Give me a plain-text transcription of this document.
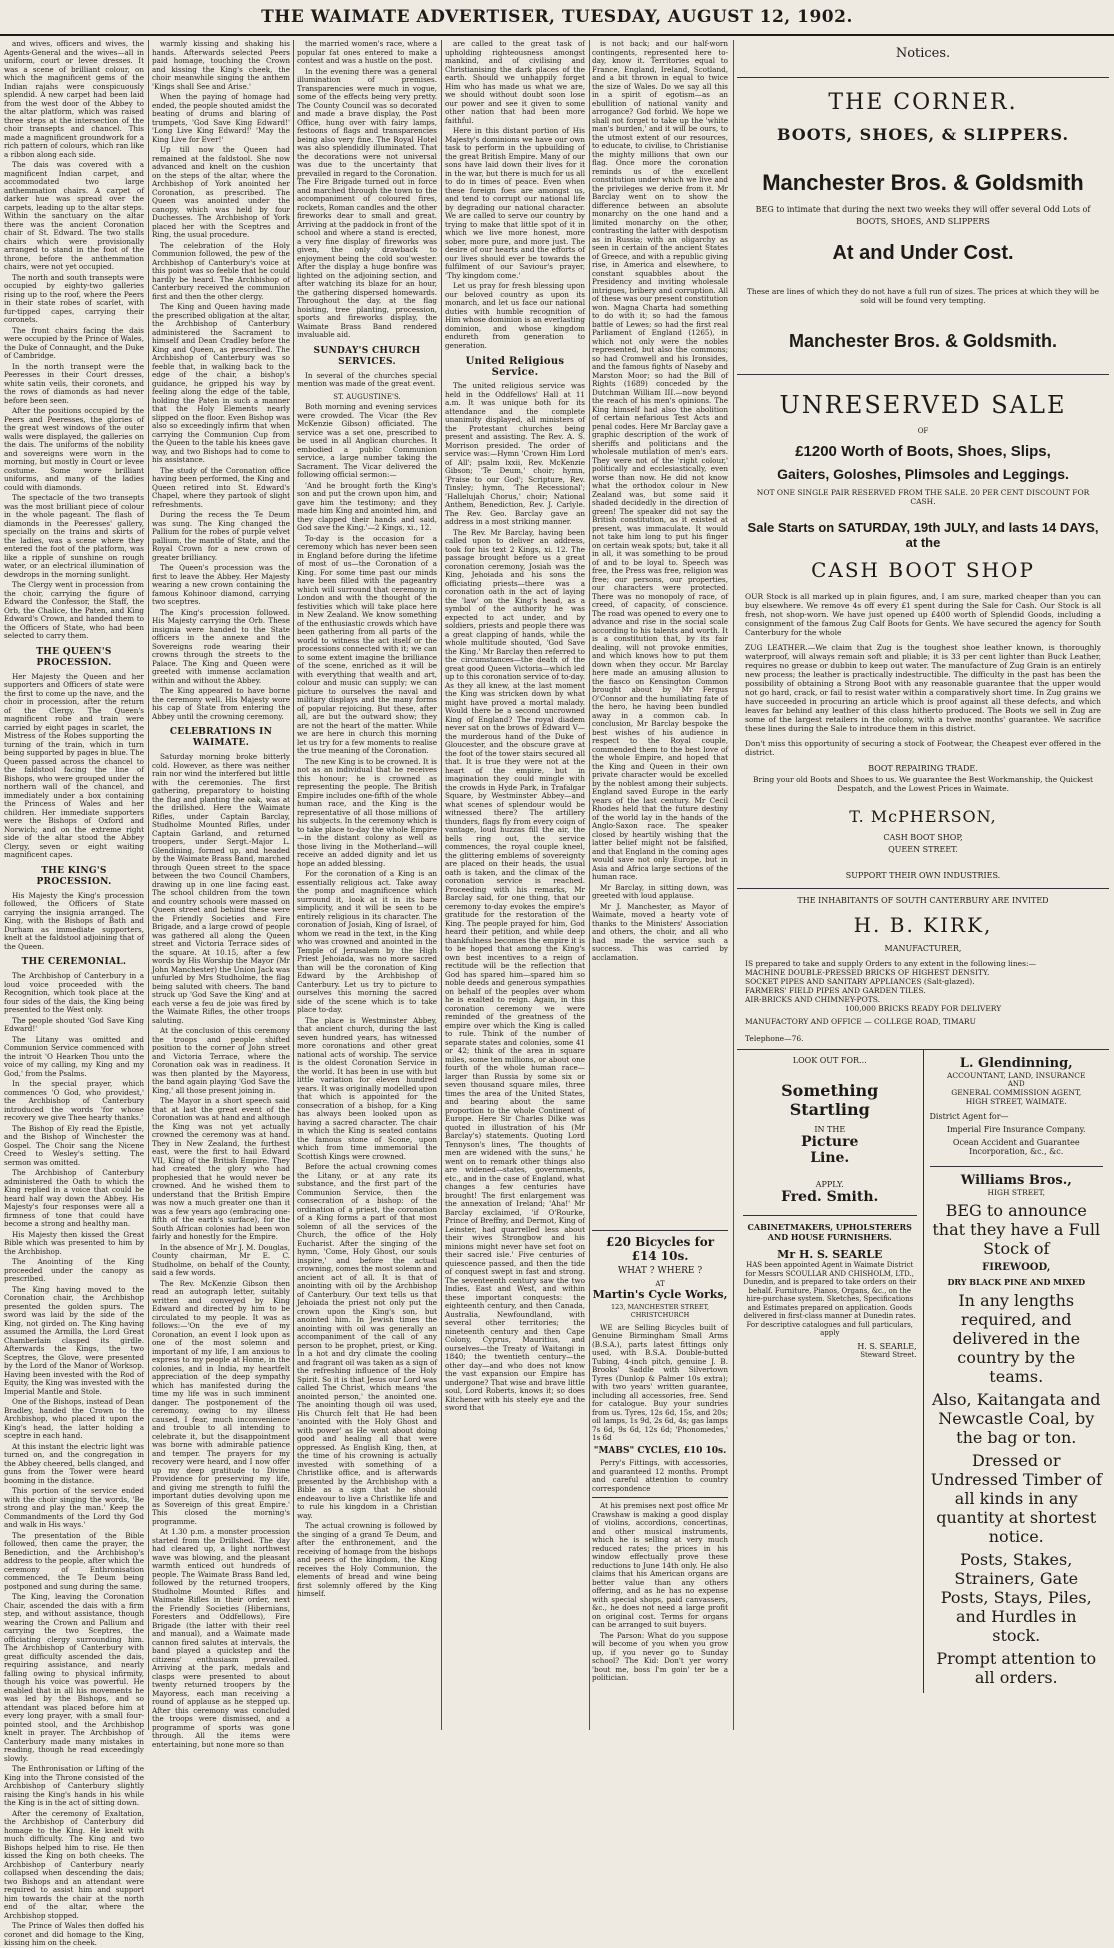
THE WAIMATE ADVERTISER, TUESDAY, AUGUST 12, 1902.

and wives, officers and wives, the Agents-General and the wives—all in uniform, court or levee dresses. It was a scene of brilliant colour, on which the magnificent gems of the Indian rajahs were conspicuously splendid. A new carpet had been laid from the west door of the Abbey to the altar platform, which was raised three steps at the intersection of the choir transepts and chancel. This made a magnificent groundwork for a rich pattern of colours, which ran like a ribbon along each side.

The dais was covered with a magnificent Indian carpet, and accommodated two large anthemmation chairs. A carpet of darker hue was spread over the carpets, leading up to the altar steps. Within the sanctuary on the altar there was the ancient Coronation chair of St. Edward. The two stalls chairs which were provisionally arranged to stand in the foot of the throne, before the anthemmation chairs, were not yet occupied.

The north and south transepts were occupied by eighty-two galleries rising up to the roof, where the Peers in their state robes of scarlet, with fur-tipped capes, carrying their coronets.

The front chairs facing the dais were occupied by the Prince of Wales, the Duke of Connaught, and the Duke of Cambridge.

In the north transept were the Peeresses in their Court dresses, white satin veils, their coronets, and the rows of diamonds as had never before been seen.

After the positions occupied by the Peers and Peeresses, the glories of the great west windows of the outer walls were displayed, the galleries on the dais. The uniforms of the nobility and sovereigns were worn in the morning, but mostly in Court or levee costume. Some wore brilliant uniforms, and many of the ladies could with diamonds.

The spectacle of the two transepts was the most brilliant piece of colour in the whole pageant. The flash of diamonds in the Peeresses' gallery, specially on the trains and skirts of the ladies, was a scene where they entered the foot of the platform, was like a ripple of sunshine on rough water, or an electrical illumination of dewdrops in the morning sunlight.

The Clergy went in procession from the choir, carrying the figure of Edward the Confessor, the Staff, the Orb, the Chalice, the Paten, and King Edward's Crown, and handed them to the Officers of State, who had been selected to carry them.

THE QUEEN'S PROCESSION.

Her Majesty the Queen and her supporters and Officers of state were the first to come up the nave, and the choir in procession, after the return of the Clergy. The Queen's magnificent robe and train were carried by eight pages in scarlet, the Mistress of the Robes supporting the turning of the train, which in turn being supported by pages in blue. The Queen passed across the chancel to the faldstool facing the line of Bishops, who were grouped under the northern wall of the chancel, and immediately under a box containing the Princess of Wales and her children. Her immediate supporters were the Bishops of Oxford and Norwich; and on the extreme right side of the altar stood the Abbey Clergy, seven or eight waiting magnificent capes.

THE KING'S PROCESSION.

His Majesty the King's procession followed, the Officers of State carrying the insignia arranged. The King, with the Bishops of Bath and Durham as immediate supporters, knelt at the faldstool adjoining that of the Queen.

THE CEREMONIAL.

The Archbishop of Canterbury in a loud voice proceeded with the Recognition, which took place at the four sides of the dais, the King being presented to the West only.

The people shouted 'God Save King Edward!'

The Litany was omitted and Communion Service commenced with the introit 'O Hearken Thou unto the voice of my calling, my King and my God,' from the Psalms.

In the special prayer, which commences 'O God, who providest,' the Archbishop of Canterbury introduced the words 'for whose recovery we give Thee hearty thanks.'

The Bishop of Ely read the Epistle, and the Bishop of Winchester the Gospel. The Choir sang the Nicene Creed to Wesley's setting. The sermon was omitted.

The Archbishop of Canterbury administered the Oath to which the King replied in a voice that could be heard half way down the Abbey. His Majesty's four responses were all a firmness of tone that could have become a strong and healthy man.

His Majesty then kissed the Great Bible which was presented to him by the Archbishop.

The Anointing of the King proceeded under the canopy as prescribed.

The King having moved to the Coronation chair, the Archbishop presented the golden spurs. The sword was laid by the side of the King, not girded on. The King having assumed the Armilla, the Lord Great Chamberlain clasped its girdle. Afterwards the Kings, the two Sceptres, the Glove, were presented by the Lord of the Manor of Worksop. Having been invested with the Rod of Equity, the King was invested with the Imperial Mantle and Stole.

One of the Bishops, instead of Dean Bradley, handed the Crown to the Archbishop, who placed it upon the King's head, the latter holding a sceptre in each hand.

At this instant the electric light was turned on, and the congregation in the Abbey cheered, bells clanged, and guns from the Tower were heard booming in the distance.

This portion of the service ended with the choir singing the words, 'Be strong and play the man.' Keep the Commandments of the Lord thy God and walk in His ways.'

The presentation of the Bible followed, then came the prayer, the Benediction, and the Archbishop's address to the people, after which the ceremony of Enthronisation commenced, the Te Deum being postponed and sung during the same.

The King, leaving the Coronation Chair, ascended the dais with a firm step, and without assistance, though wearing the Crown and Pallium and carrying the two Sceptres, the officiating clergy surrounding him. The Archbishop of Canterbury with great difficulty ascended the dais, requiring assistance, and nearly falling owing to physical infirmity, though his voice was powerful. He enabled that in all his movements he was led by the Bishops, and so attendant was placed before him at every long prayer, with a small four-pointed stool, and the Archbishop knelt in prayer. The Archbishop of Canterbury made many mistakes in reading, though he read exceedingly slowly.

The Enthronisation or Lifting of the King into the Throne consisted of the Archbishop of Canterbury slightly raising the King's hands in his while the King is in the act of sitting down.

After the ceremony of Exaltation, the Archbishop of Canterbury did homage to the King. He knelt with much difficulty. The King and two Bishops helped him to rise. He then kissed the King on both cheeks. The Archbishop of Canterbury nearly collapsed when descending the dais; two Bishops and an attendant were required to assist him and support him towards the chair at the north end of the altar, where the Archbishop stopped.

The Prince of Wales then doffed his coronet and did homage to the King, kissing him on the cheek.

warmly kissing and shaking his hands. Afterwards selected Peers paid homage, touching the Crown and kissing the King's cheek, the choir meanwhile singing the anthem 'Kings shall See and Arise.'

When the paying of homage had ended, the people shouted amidst the beating of drums and blaring of trumpets, 'God Save King Edward!' 'Long Live King Edward!' 'May the King Live for Ever!'

Up till now the Queen had remained at the faldstool. She now advanced and knelt on the cushion on the steps of the altar, where the Archbishop of York anointed her Coronation, as prescribed. The Queen was anointed under the canopy, which was held by four Duchesses. The Archbishop of York placed her with the Sceptres and Ring, the usual procedure.

The celebration of the Holy Communion followed, the pew of the Archbishop of Canterbury's voice at this point was so feeble that he could hardly be heard. The Archbishop of Canterbury received the communion first and then the other clergy.

The King and Queen having made the prescribed obligation at the altar, the Archbishop of Canterbury administered the Sacrament to himself and Dean Cradley before the King and Queen, as prescribed. The Archbishop of Canterbury was so feeble that, in walking back to the edge of the chair, a bishop's guidance, he gripped his way by feeling along the edge of the table, holding the Paten in such a manner that the Holy Elements nearly slipped on the floor. Even Bishop was also so exceedingly infirm that when carrying the Communion Cup from the Queen to the table his knees gave way, and two Bishops had to come to his assistance.

The study of the Coronation office having been performed, the King and Queen retired into St. Edward's Chapel, where they partook of slight refreshments.

During the recess the Te Deum was sung. The King changed the Pallium for the robes of purple velvet pallium, the mantle of State, and the Royal Crown for a new crown of greater brilliancy.

The Queen's procession was the first to leave the Abbey. Her Majesty wearing a new crown containing the famous Kohinoor diamond, carrying two sceptres.

The King's procession followed. His Majesty carrying the Orb. These insignia were handed to the State officers in the annexe and the Sovereigns rode wearing their crowns through the streets to the Palace. The King and Queen were greeted with immense acclamation within and without the Abbey.

The King appeared to have borne the ceremony well. His Majesty wore his cap of State from entering the Abbey until the crowning ceremony.

CELEBRATIONS IN WAIMATE.

Saturday morning broke bitterly cold. However, as there was neither rain nor wind the interfered but little with the ceremonies. The first gathering, preparatory to hoisting the flag and planting the oak, was at the drillshed. Here the Waimate Rifles, under Captain Barclay, Studholme Mounted Rifles, under Captain Garland, and returned troopers, under Sergt.-Major L. Glendining, formed up, and headed by the Waimate Brass Band, marched through Queen street to the space between the two Council Chambers, drawing up in one line facing east. The school children from the town and country schools were massed on Queen street and behind these were the Friendly Societies and Fire Brigade, and a large crowd of people was gathered all along the Queen street and Victoria Terrace sides of the square. At 10.15, after a few words by His Worship the Mayor (Mr John Manchester) the Union Jack was unfurled by Mrs Studholme, the flag being saluted with cheers. The band struck up 'God Save the King' and at each verse a feu de joie was fired by the Waimate Rifles, the other troops saluting.

At the conclusion of this ceremony the troops and people shifted position to the corner of John street and Victoria Terrace, where the Coronation oak was in readiness. It was then planted by the Mayoress, the band again playing 'God Save the King,' all those present joining in.

The Mayor in a short speech said that at last the great event of the Coronation was at hand and although the King was not yet actually crowned the ceremony was at hand. They in New Zealand, the furthest east, were the first to hail Edward VII, King of the British Empire. They had created the glory who had prophesied that he would never be crowned. And he wished them to understand that the British Empire was now a much greater one than it was a few years ago (embracing one-fifth of the earth's surface), for the South African colonies had been won fairly and honestly for the Empire.

In the absence of Mr J. M. Douglas, County chairman, Mr E. C. Studholme, on behalf of the County, said a few words.

The Rev. McKenzie Gibson then read an autograph letter, suitably written and conveyed by King Edward and directed by him to be circulated to my people. It was as follows:—'On the eve of my Coronation, an event I look upon as one of the most solemn and important of my life, I am anxious to express to my people at Home, in the colonies, and in India, my heartfelt appreciation of the deep sympathy which has manifested during the time my life was in such imminent danger. The postponement of the ceremony, owing to my illness caused, I fear, much inconvenience and trouble to all intending to celebrate it, but the disappointment was borne with admirable patience and temper. The prayers for my recovery were heard, and I now offer up my deep gratitude to Divine Providence for preserving my life, and giving me strength to fulfil the important duties devolving upon me as Sovereign of this great Empire.' This closed the morning's programme.

At 1.30 p.m. a monster procession started from the Drillshed. The day had cleared up, a light northwest wave was blowing, and the pleasant warmth enticed out hundreds of people. The Waimate Brass Band led, followed by the returned troopers, Studholme Mounted Rifles and Waimate Rifles in their order, next the Friendly Societies (Hibernians, Foresters and Oddfellows), Fire Brigade (the latter with their reel and manual), and a Waimate made cannon fired salutes at intervals, the band played a quickstep and the citizens' enthusiasm prevailed. Arriving at the park, medals and clasps were presented to about twenty returned troopers by the Mayoress, each man receiving a round of applause as he stepped up. After this ceremony was concluded the troops were dismissed, and a programme of sports was gone through. All the items were entertaining, but none more so than

the married women's race, where a popular fat ones entered to make a contest and was a hustle on the post.

In the evening there was a general illumination of premises. Transparencies were much in vogue, some of the effects being very pretty. The County Council was so decorated and made a brave display, the Post Office, hung over with fairy lamps, festoons of flags and transparencies being also very fine. The Royal Hotel was also splendidly illuminated. That the decorations were not universal was due to the uncertainty that prevailed in regard to the Coronation. The Fire Brigade turned out in force and marched through the town to the accompaniment of coloured fires, rockets, Roman candles and the other fireworks dear to small and great. Arriving at the paddock in front of the school and where a stand is erected, a very fine display of fireworks was given, the only drawback to enjoyment being the cold sou'wester. After the display a huge bonfire was lighted on the adjoining section, and after watching its blaze for an hour, the gathering dispersed homewards. Throughout the day, at the flag hoisting, tree planting, procession, sports and fireworks display, the Waimate Brass Band rendered invaluable aid.

SUNDAY'S CHURCH SERVICES.

In several of the churches special mention was made of the great event.

ST. AUGUSTINE'S.

Both morning and evening services were crowded. The Vicar (the Rev McKenzie Gibson) officiated. The service was a set one, prescribed to be used in all Anglican churches. It embodied a public Communion service, a large number taking the Sacrament. The Vicar delivered the following official sermon:—

'And he brought forth the King's son and put the crown upon him, and gave him the testimony; and they made him King and anointed him, and they clapped their hands and said, God save the King.'—2 Kings, xi., 12.

To-day is the occasion for a ceremony which has never been seen in England before during the lifetime of most of us—the Coronation of a King. For some time past our minds have been filled with the pageantry which will surround that ceremony in London and with the thought of the festivities which will take place here in New Zealand. We know something of the enthusiastic crowds which have been gathering from all parts of the world to witness the act itself or the processions connected with it; we can to some extent imagine the brilliance of the scene, enriched as it will be with everything that wealth and art, colour and music can supply; we can picture to ourselves the naval and military displays and the many forms of popular rejoicing. But these, after all, are but the outward show; they are not the heart of the matter. While we are here in church this morning let us try for a few moments to realise the true meaning of the Coronation.

The new King is to be crowned. It is not as an individual that he receives this honour; he is crowned as representing the people. The British Empire includes one-fifth of the whole human race, and the King is the representative of all those millions of his subjects. In the ceremony which is to take place to-day the whole Empire—in the distant colony as well as those living in the Motherland—will receive an added dignity and let us hope an added blessing.

For the coronation of a King is an essentially religious act. Take away the pomp and magnificence which surround it, look at it in its bare simplicity, and it will be seen to be entirely religious in its character. The coronation of Josiah, King of Israel, of whom we read in the text, in the King who was crowned and anointed in the Temple of Jerusalem by the High Priest Jehoiada, was no more sacred than will be the coronation of King Edward by the Archbishop of Canterbury. Let us try to picture to ourselves this morning the sacred side of the scene which is to take place to-day.

The place is Westminster Abbey, that ancient church, during the last seven hundred years, has witnessed more coronations and other great national acts of worship. The service is the oldest Coronation Service in the world. It has been in use with but little variation for eleven hundred years. It was originally modelled upon that which is appointed for the consecration of a bishop, for a King has always been looked upon as having a sacred character. The chair in which the King is seated contains the famous stone of Scone, upon which from time immemorial the Scottish Kings were crowned.

Before the actual crowning comes the Litany, or at any rate its substance, and the first part of the Communion Service, then the consecration of a bishop: of the ordination of a priest, the coronation of a King forms a part of that most solemn of all the services of the Church, the office of the Holy Eucharist. After the singing of the hymn, 'Come, Holy Ghost, our souls inspire,' and before the actual crowning, comes the most solemn and ancient act of all. It is that of anointing with oil by the Archbishop of Canterbury. Our text tells us that Jehoiada the priest not only put the crown upon the King's son, but anointed him. In Jewish times the anointing with oil was generally an accompaniment of the call of any person to be prophet, priest, or King. In a hot and dry climate the cooling and fragrant oil was taken as a sign of the refreshing influence of the Holy Spirit. So it is that Jesus our Lord was called The Christ, which means 'the anointed person,' the anointed one. The anointing though oil was used, His Church felt that He had been 'anointed with the Holy Ghost and with power' as He went about doing good and healing all that were oppressed. As English King, then, at the time of his crowning is actually invested with something of a Christlike office, and is afterwards presented by the Archbishop with a Bible as a sign that he should endeavour to live a Christlike life and to rule his kingdom in a Christian way.

The actual crowning is followed by the singing of a grand Te Deum, and after the enthronement, and the receiving of homage from the bishops and peers of the kingdom, the King receives the Holy Communion, the elements of bread and wine being first solemnly offered by the King himself.

are called to the great task of upholding righteousness amongst mankind, and of civilising and Christianising the dark places of the earth. Should we unhappily forget Him who has made us what we are, we should without doubt soon lose our power and see it given to some other nation that had been more faithful.

Here in this distant portion of His Majesty's dominions we have our own task to perform in the upbuilding of the great British Empire. Many of our sons have laid down their lives for it in the war, but there is much for us all to do in times of peace. Even when these foreign foes are amongst us, and tend to corrupt our national life by degrading our national character. We are called to serve our country by trying to make that little spot of it in which we live more honest, more sober, more pure, and more just. The desire of our hearts and the efforts of our lives should ever be towards the fulfilment of our Saviour's prayer, 'Thy kingdom come.'

Let us pray for fresh blessing upon our beloved country as upon its monarch, and let us face our national duties with humble recognition of Him whose dominion is an everlasting dominion, and whose kingdom endureth from generation to generation.

United Religious Service.

The united religious service was held in the Oddfellows' Hall at 11 a.m. It was unique both for its attendance and the complete unanimity displayed, all ministers of the Protestant churches being present and assisting. The Rev. A. S. Morrison presided. The order of service was:—Hymn 'Crown Him Lord of All'; psalm lxxii, Rev. McKenzie Gibson; 'Te Deum,' choir; hymn, 'Praise to our God'; Scripture, Rev. Tinsley; hymn, 'The Recessional'; 'Hallelujah Chorus,' choir; National Anthem, Benediction, Rev. J. Carlyle. The Rev. Geo. Barclay gave an address in a most striking manner.

The Rev. Mr Barclay, having been called upon to deliver an address, took for his text 2 Kings, xi. 12. The passage brought before us a great coronation ceremony, Josiah was the King, Jehoiada and his sons the officiating priests—there was a coronation oath in the act of laying the 'law' on the King's head, as a symbol of the authority he was expected to act under, and by soldiers, priests and people there was a great clapping of hands, while the whole multitude shouted, 'God Save the King.' Mr Barclay then referred to the circumstances—the death of the great good Queen Victoria—which led up to this coronation service of to-day. As they all knew, at the last moment the King was stricken down by what might have proved a mortal malady. Would there be a second uncrowned King of England? The royal diadem never sat on the brows of Edward V—the murderous hand of the Duke of Gloucester, and the obscure grave at the foot of the tower stairs secured all that. It is true they were not at the heart of the empire, but in imagination they could mingle with the crowds in Hyde Park, in Trafalgar Square, by Westminster Abbey—and what scenes of splendour would be witnessed there? The artillery thunders, flags fly from every coign of vantage, loud huzzas fill the air, the bells ring out, the service commences, the royal couple kneel, the glittering emblems of sovereignty are placed on their heads, the usual oath is taken, and the climax of the coronation service is reached. Proceeding with his remarks, Mr Barclay said, for one thing, that our ceremony to-day evokes the empire's gratitude for the restoration of the King. The people prayed for him, God heard their petition, and while deep thankfulness becomes the empire it is to be hoped that among the King's own best incentives to a reign of rectitude will be the reflection that God has spared him—spared him so noble deeds and generous sympathies on behalf of the peoples over whom he is exalted to reign. Again, in this coronation ceremony we were reminded of the greatness of the empire over which the King is called to rule. Think of the number of separate states and colonies, some 41 or 42; think of the area in square miles, some ten millions, or about one fourth of the whole human race—larger than Russia by some six or seven thousand square miles, three times the area of the United States, and bearing about the same proportion to the whole Continent of Europe. Here Sir Charles Dilke was quoted in illustration of his (Mr Barclay's) statements. Quoting Lord Tennyson's lines, 'The thoughts of men are widened with the suns,' he went on to remark other things also are widened—states, governments, etc., and in the case of England, what changes a few centuries have brought! The first enlargement was the annexation of Ireland; 'Aha!' Mr Barclay exclaimed, 'if O'Rourke, Prince of Breffny, and Dermot, King of Leinster, had quarrelled less about their wives Strongbow and his minions might never have set foot on their sacred isle.' Five centuries of quiescence passed, and then the tide of conquest swept in fast and strong. The seventeenth century saw the two Indies, East and West, and within these important conquests: the eighteenth century, and then Canada, Australia, Newfoundland, with several other territories; the nineteenth century and then Cape Colony, Cyprus, Mauritius, and ourselves—the Treaty of Waitangi in 1840; the twentieth century—the other day—and who does not know the vast expansion our Empire has undergone? That wise and brave little soul, Lord Roberts, knows it; so does Kitchener with his steely eye and the sword that

is not back; and our half-worn contingents, represented here to-day, know it. Territories equal to France, England, Ireland, Scotland, and a bit thrown in equal to twice the size of Wales. Do we say all this in a spirit of egotism—as an ebullition of national vanity and arrogance? God forbid. We hope we shall not forget to take up the 'white man's burden,' and it will be ours, to the utmost extent of our resources, to educate, to civilise, to Christianise the mighty millions that own our flag. Once more the coronation reminds us of the excellent constitution under which we live and the privileges we derive from it. Mr Barclay went on to show the difference between an absolute monarchy on the one hand and a limited monarchy on the other, contrasting the latter with despotism as in Russia; with an oligarchy as seen in certain of the ancient States of Greece, and with a republic giving rise, in America and elsewhere, to constant squabbles about the Presidency and inviting wholesale intrigues, bribery and corruption. All of these was our present constitution won. Magna Charta had something to do with it; so had the famous battle of Lewes; so had the first real Parliament of England (1265), in which not only were the nobles represented, but also the commons; so had Cromwell and his Ironsides, and the famous fights of Naseby and Marston Moor; so had the Bill of Rights (1689) conceded by the Dutchman William III.—now beyond the reach of his men's opinions. The King himself had also the abolition of certain nefarious Test Acts and penal codes. Here Mr Barclay gave a graphic description of the work of sheriffs and politicians and the wholesale mutilation of men's ears. They were not of the 'right colour,' politically and ecclesiastically, even worse than now. He did not know what the orthodox colour in New Zealand was, but some said it shaded decidedly in the direction of green! The speaker did not say the British constitution, as it existed at present, was immaculate. It would not take him long to put his finger on certain weak spots; but, take it all in all, it was something to be proud of and to be loyal to. Speech was free, the Press was free, religion was free; our persons, our properties, our characters were protected. There was no monopoly of race, of creed, of capacity, of conscience. The road was opened to every one to advance and rise in the social scale according to his talents and worth. It is a constitution that, by its fair dealing, will not provoke enmities, and which knows how to put them down when they occur. Mr Barclay here made an amusing allusion to the fiasco on Kensington Common brought about by Mr Fergus O'Connor and the humiliating fate of the hero, he having been bundled away in a common cab. In conclusion, Mr Barclay bespoke the best wishes of his audience in respect to the Royal couple, commended them to the best love of the whole Empire, and hoped that the King and Queen in their own private character would be excelled by the noblest among their subjects. England saved Europe in the early years of the last century. Mr Cecil Rhodes held that the future destiny of the world lay in the hands of the Anglo-Saxon race. The speaker closed by heartily wishing that the latter belief might not be falsified, and that England in the coming ages would save not only Europe, but in Asia and Africa large sections of the human race.

Mr Barclay, in sitting down, was greeted with loud applause.

Mr J. Manchester, as Mayor of Waimate, moved a hearty vote of thanks to the Ministers' Association and others, the choir, and all who had made the service such a success. This was carried by acclamation.

£20 Bicycles for £14 10s.
WHAT ? WHERE ?
AT
Martin's Cycle Works,
123, MANCHESTER STREET, CHRISTCHURCH

WE are Selling Bicycles built of Genuine Birmingham Small Arms (B.S.A.), parts latest fittings only used, with B.S.A. Double-butted Tubing, 4-inch pitch, genuine J. B. Brooks' Saddle with Silvertown Tyres (Dunlop & Palmer 10s extra); with two years' written guarantee, including all accessories, free. Send for catalogue. Buy your sundries from us. Tyres, 12s 6d, 15s, and 20s; oil lamps, 1s 9d, 2s 6d, 4s; gas lamps 7s 6d, 9s 6d, 12s 6d; 'Phonomedes,' 1s 6d

"MABS" CYCLES, £10 10s.

Perry's Fittings, with accessories, and guaranteed 12 months. Prompt and careful attention to country correspondence

At his premises next post office Mr Crawshaw is making a good display of violins, accordions, concertinas, and other musical instruments, which he is selling at very much reduced rates; the prices in his window effectually prove these reductions to June 14th only. He also claims that his American organs are better value than any others offering, and as he has no expense with special shops, paid canvassers, &c., he does not need a large profit on original cost. Terms for organs can be arranged to suit buyers.

The Parson: What do you suppose will become of you when you grow up, if you never go to Sunday school? The Kid: Don't yer worry 'bout me, boss I'm goin' ter be a politician.

Notices.
THE CORNER.
BOOTS, SHOES, & SLIPPERS.
Manchester Bros. & Goldsmith
BEG to intimate that during the next two weeks they will offer several Odd Lots of BOOTS, SHOES, AND SLIPPERS
At and Under Cost.
These are lines of which they do not have a full run of sizes. The prices at which they will be sold will be found very tempting.
Manchester Bros. & Goldsmith.
UNRESERVED SALE
OF
£1200 Worth of Boots, Shoes, Slips,
Gaiters, Goloshes, Plimsoles and Leggings.
NOT ONE SINGLE PAIR RESERVED FROM THE SALE. 20 PER CENT DISCOUNT FOR CASH.
Sale Starts on SATURDAY, 19th JULY, and lasts 14 DAYS, at the
CASH BOOT SHOP
OUR Stock is all marked up in plain figures, and, I am sure, marked cheaper than you can buy elsewhere. We remove 4s off every £1 spent during the Sale for Cash. Our Stock is all fresh, not shop-worn. We have just opened up £400 worth of Splendid Goods, including a consignment of the famous Zug Calf Boots for Gents. We have secured the agency for South Canterbury for the whole
ZUG LEATHER.—We claim that Zug is the toughest shoe leather known, is thoroughly waterproof, will always remain soft and pliable; it is 33 per cent lighter than Buck Leather, requires no grease or dubbin to keep out water. The manufacture of Zug Grain is an entirely new process; the leather is practically indestructible. The difficulty in the past has been the possibility of obtaining a Strong Boot with any reasonable guarantee that the upper would not go hard, crack, or fail to resist water within a comparatively short time. In Zug grains we have succeeded in procuring an article which is proof against all these defects, and which leaves far behind any leather of this class hitherto produced. The Boots we sell in Zug are some of the largest retailers in the colony, with a twelve months' guarantee. We sacrifice these lines during the Sale to introduce them in this district.
Don't miss this opportunity of securing a stock of Footwear, the Cheapest ever offered in the district.
BOOT REPAIRING TRADE.
Bring your old Boots and Shoes to us. We guarantee the Best Workmanship, the Quickest Despatch, and the Lowest Prices in Waimate.
T. McPHERSON,
CASH BOOT SHOP,
QUEEN STREET.
SUPPORT THEIR OWN INDUSTRIES.
THE INHABITANTS OF SOUTH CANTERBURY ARE INVITED
H. B. KIRK,
MANUFACTURER,
IS prepared to take and supply Orders to any extent in the following lines:—
MACHINE DOUBLE-PRESSED BRICKS OF HIGHEST DENSITY.
SOCKET PIPES AND SANITARY APPLIANCES (Salt-glazed).
FARMERS' FIELD PIPES AND GARDEN TILES.
AIR-BRICKS AND CHIMNEY-POTS.
100,000 BRICKS READY FOR DELIVERY
MANUFACTORY AND OFFICE — COLLEGE ROAD, TIMARU
Telephone—76.
LOOK OUT FOR...
Something
Startling
IN THE
Picture
Line.
APPLY.
Fred. Smith.
CABINETMAKERS, UPHOLSTERERS AND HOUSE FURNISHERS.
Mr H. S. SEARLE
HAS been appointed Agent in Waimate District for Messrs SCOULLAR AND CHISHOLM, LTD., Dunedin, and is prepared to take orders on their behalf. Furniture, Pianos, Organs, &c., on the hire-purchase system. Sketches, Specifications and Estimates prepared on application. Goods delivered in first-class manner at Dunedin rates. For descriptive catalogues and full particulars, apply
H. S. SEARLE,
Steward Street.
L. Glendinning,
ACCOUNTANT, LAND, INSURANCE
AND
GENERAL COMMISSION AGENT,
HIGH STREET, WAIMATE.
District Agent for—
Imperial Fire Insurance Company.
Ocean Accident and Guarantee Incorporation, &c., &c.
Williams Bros.,
HIGH STREET,
BEG to announce that they have a Full Stock of
FIREWOOD,
DRY BLACK PINE AND MIXED
In any lengths required, and delivered in the country by the teams.
Also, Kaitangata and Newcastle Coal, by the bag or ton.
Dressed or Undressed Timber of all kinds in any quantity at shortest notice.
Posts, Stakes, Strainers, Gate Posts, Stays, Piles, and Hurdles in stock.
Prompt attention to all orders.
